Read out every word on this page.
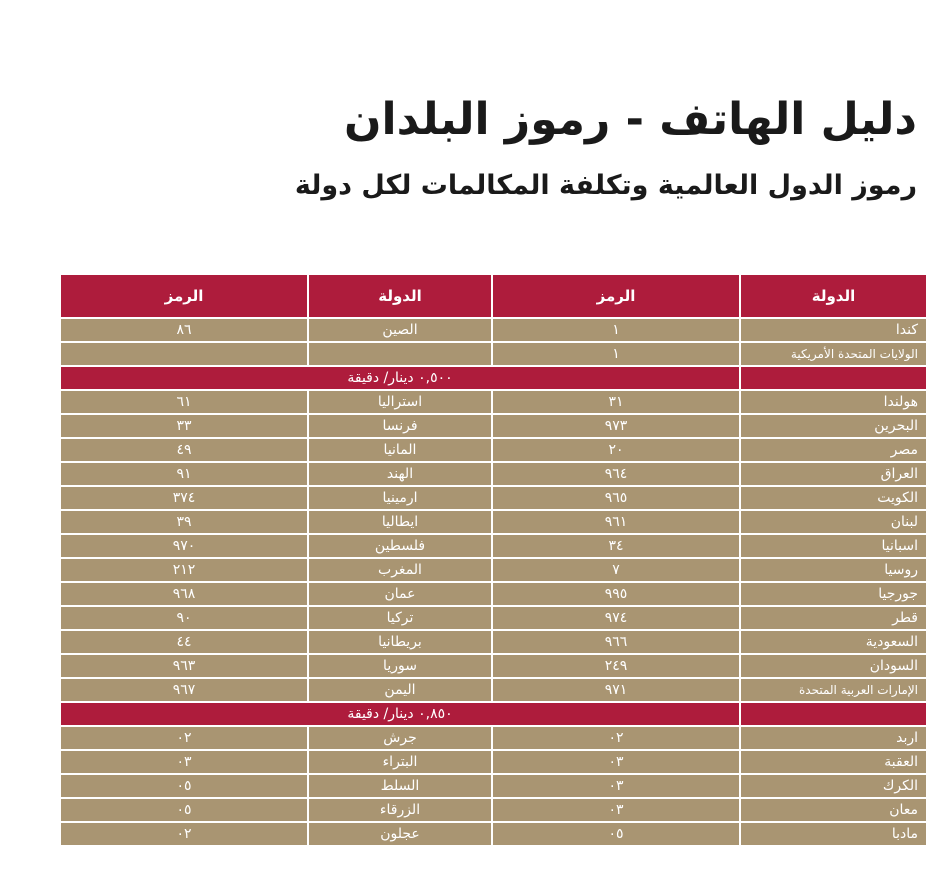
دليل الهاتف - رموز البلدان
رموز الدول العالمية وتكلفة المكالمات لكل دولة
الرمز	الدولة	الرمز	الدولة
٨٦	الصين	١	كندا
		١	الولايات المتحدة الأمريكية
٠,٥٠٠ دينار/ دقيقة			
٦١	استراليا	٣١	هولندا
٣٣	فرنسا	٩٧٣	البحرين
٤٩	المانيا	٢٠	مصر
٩١	الهند	٩٦٤	العراق
٣٧٤	ارمينيا	٩٦٥	الكويت
٣٩	ايطاليا	٩٦١	لبنان
٩٧٠	فلسطين	٣٤	اسبانيا
٢١٢	المغرب	٧	روسيا
٩٦٨	عمان	٩٩٥	جورجيا
٩٠	تركيا	٩٧٤	قطر
٤٤	بريطانيا	٩٦٦	السعودية
٩٦٣	سوريا	٢٤٩	السودان
٩٦٧	اليمن	٩٧١	الإمارات العربية المتحدة
٠,٨٥٠ دينار/ دقيقة			
٠٢	جرش	٠٢	اربد
٠٣	البتراء	٠٣	العقبة
٠٥	السلط	٠٣	الكرك
٠٥	الزرقاء	٠٣	معان
٠٢	عجلون	٠٥	مادبا
